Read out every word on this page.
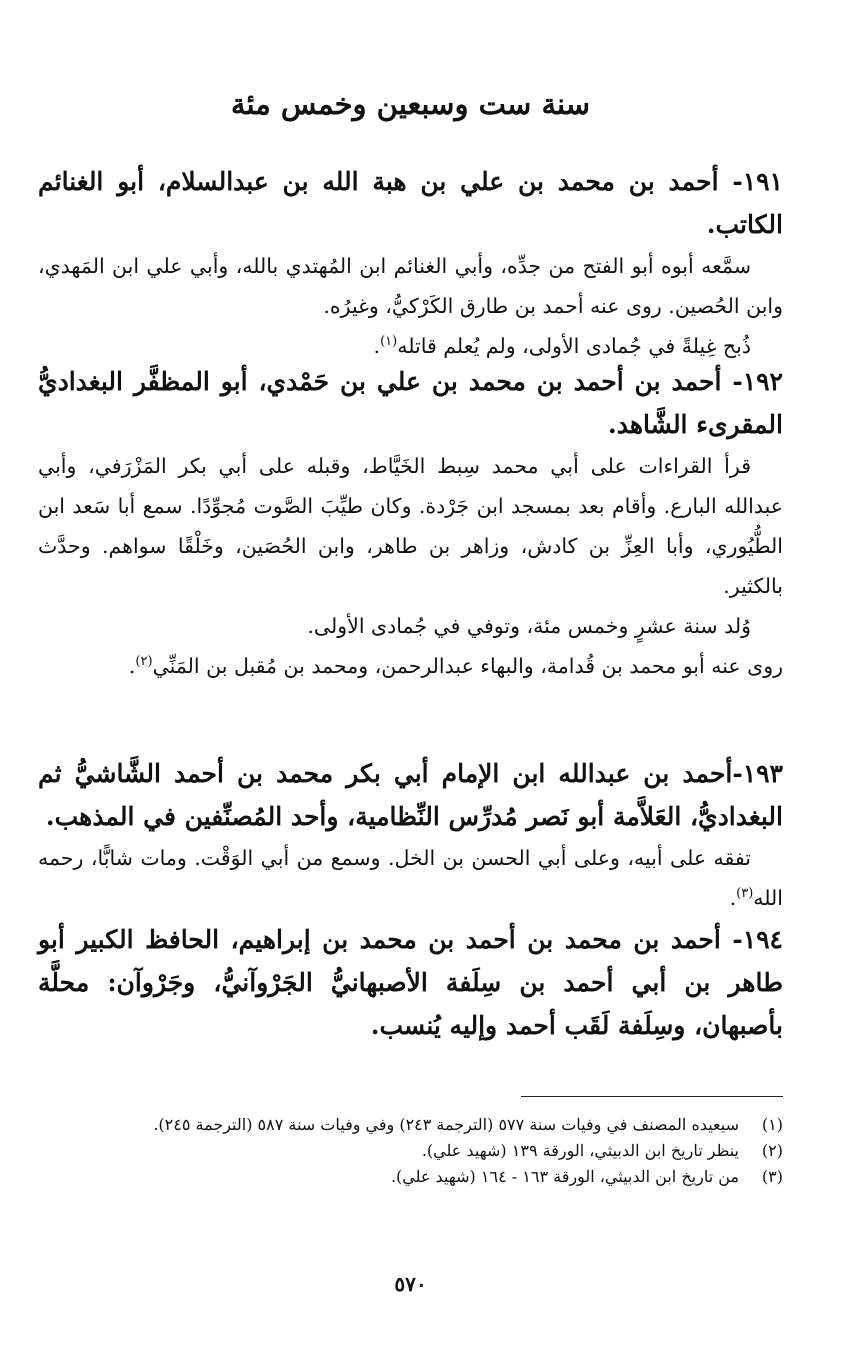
سنة ست وسبعين وخمس مئة

١٩١- أحمد بن محمد بن علي بن هبة الله بن عبدالسلام، أبو الغنائم الكاتب.

سمَّعه أبوه أبو الفتح من جدِّه، وأبي الغنائم ابن المُهتدي بالله، وأبي علي ابن المَهدي، وابن الحُصين. روى عنه أحمد بن طارق الكَرْكيُّ، وغيرُه.

ذُبح غِيلةً في جُمادى الأولى، ولم يُعلم قاتله$^{(١)}$.

١٩٢- أحمد بن أحمد بن محمد بن علي بن حَمْدي، أبو المظفَّر البغداديُّ المقرىء الشَّاهد.

قرأ القراءات على أبي محمد سِبط الخَيَّاط، وقبله على أبي بكر المَزْرَفي، وأبي عبدالله البارع. وأقام بعد بمسجد ابن جَرْدة. وكان طيِّبَ الصَّوت مُجوِّدًا. سمع أبا سَعد ابن الطُّيُوري، وأبا العِزِّ بن كادش، وزاهر بن طاهر، وابن الحُصَين، وخَلْقًا سواهم. وحدَّث بالكثير.

وُلد سنة عشرٍ وخمس مئة، وتوفي في جُمادى الأولى.

روى عنه أبو محمد بن قُدامة، والبهاء عبدالرحمن، ومحمد بن مُقبل بن المَنِّي$^{(٢)}$.

١٩٣-أحمد بن عبدالله ابن الإمام أبي بكر محمد بن أحمد الشَّاشيُّ ثم البغداديُّ، العَلاَّمة أبو نَصر مُدرِّس النِّظامية، وأحد المُصنِّفين في المذهب.

تفقه على أبيه، وعلى أبي الحسن بن الخل. وسمع من أبي الوَقْت. ومات شابًّا، رحمه الله$^{(٣)}$.

١٩٤- أحمد بن محمد بن أحمد بن محمد بن إبراهيم، الحافظ الكبير أبو طاهر بن أبي أحمد بن سِلَفة الأصبهانيُّ الجَرْوآنيُّ، وجَرْوآن: محلَّة بأصبهان، وسِلَفة لَقَب أحمد وإليه يُنسب.

(١)
سيعيده المصنف في وفيات سنة ٥٧٧ (الترجمة ٢٤٣) وفي وفيات سنة ٥٨٧ (الترجمة ٢٤٥).

(٢)
ينظر تاريخ ابن الدبيثي، الورقة ١٣٩ (شهيد علي).

(٣)
من تاريخ ابن الدبيثي، الورقة ١٦٣ - ١٦٤ (شهيد علي).

٥٧٠
